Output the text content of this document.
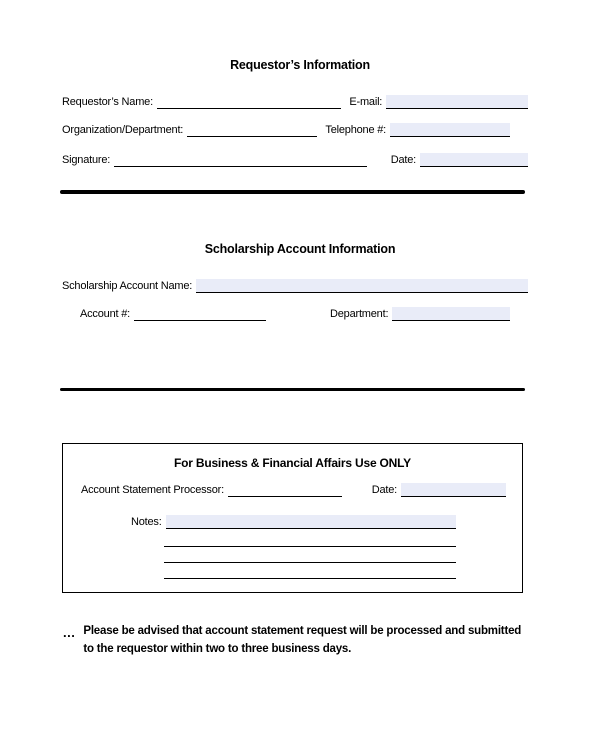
Requestor’s Information
Requestor’s Name:	E-mail:
Organization/Department:	Telephone #:
Signature:	Date:
Scholarship Account Information
Scholarship Account Name:
Account #:	Department:
For Business & Financial Affairs Use ONLY
Account Statement Processor:	Date:
Notes:
... Please be advised that account statement request will be processed and submitted to the requestor within two to three business days.
